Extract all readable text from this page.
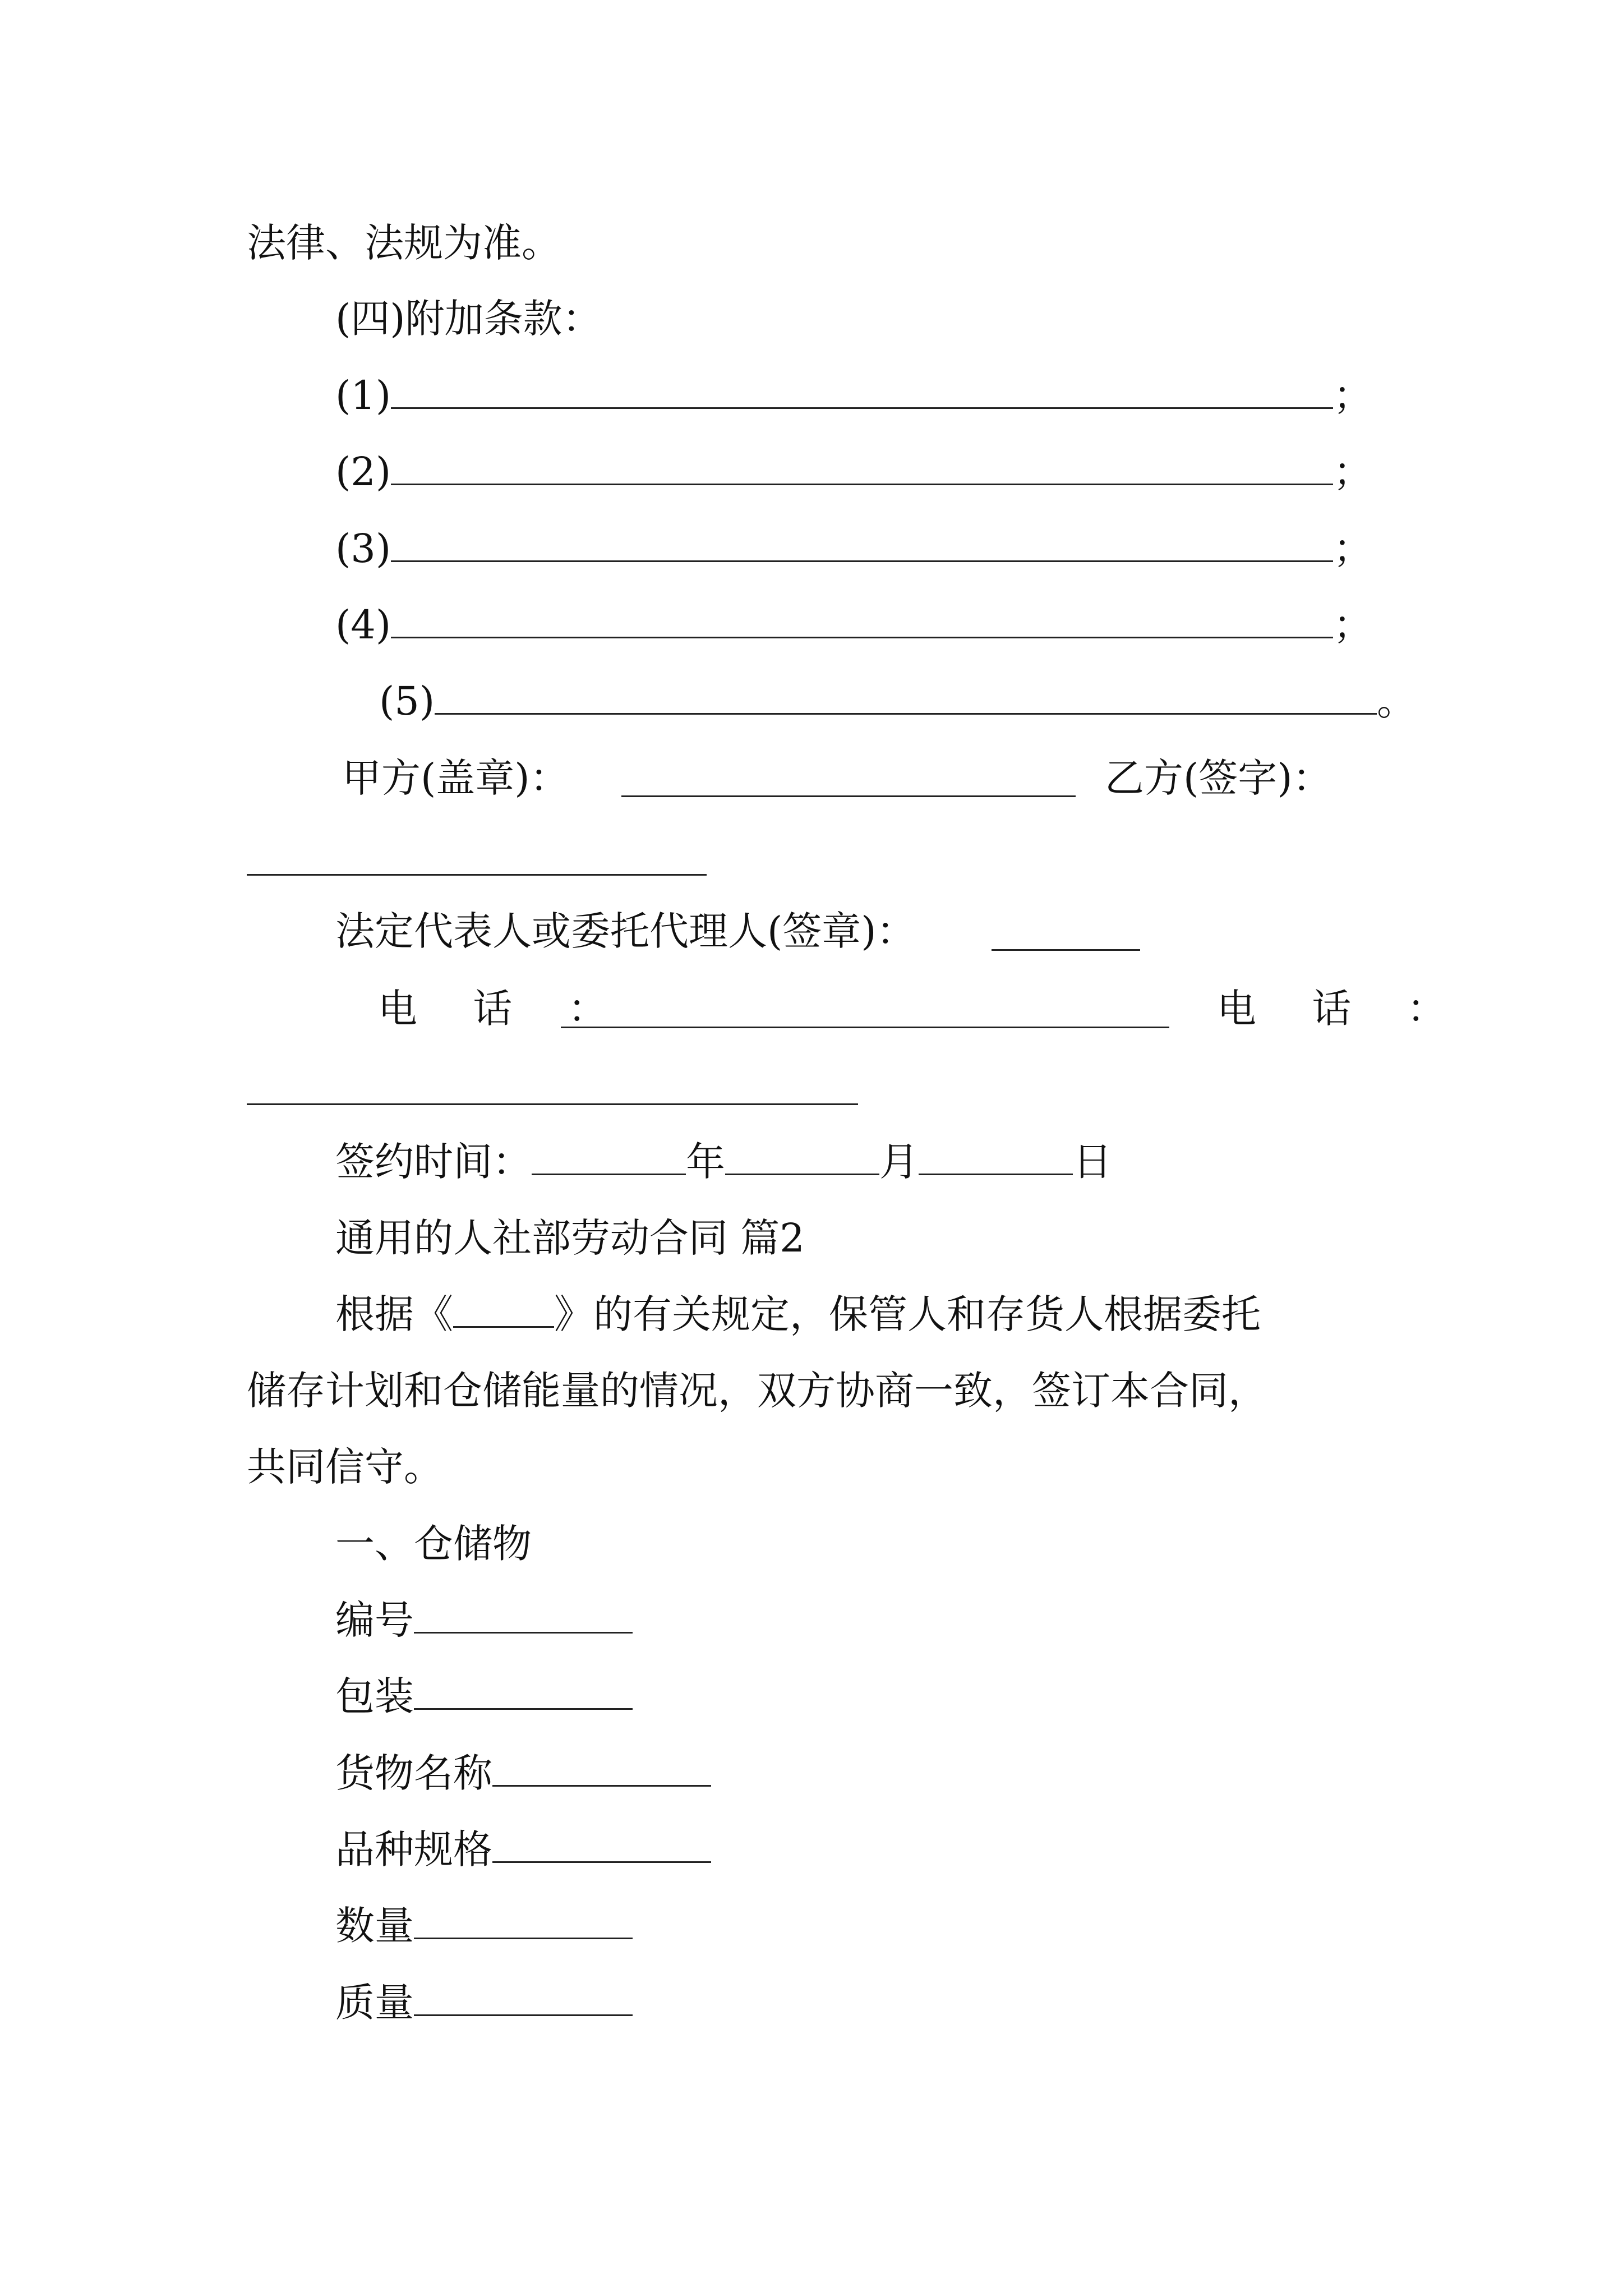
法律、法规为准。
(四)附加条款：
(1)	；
(2)	；
(3)	；
(4)	；
(5)	。
甲方(盖章)：	乙方(签字)：
法定代表人或委托代理人(签章)：
电 话 ：	电 话 ：
签约时间：	年	月	日
通用的人社部劳动合同 篇2
根据《	》的有关规定，保管人和存货人根据委托
储存计划和仓储能量的情况，双方协商一致，签订本合同，
共同信守。
一、仓储物
编号
包装
货物名称
品种规格
数量
质量
